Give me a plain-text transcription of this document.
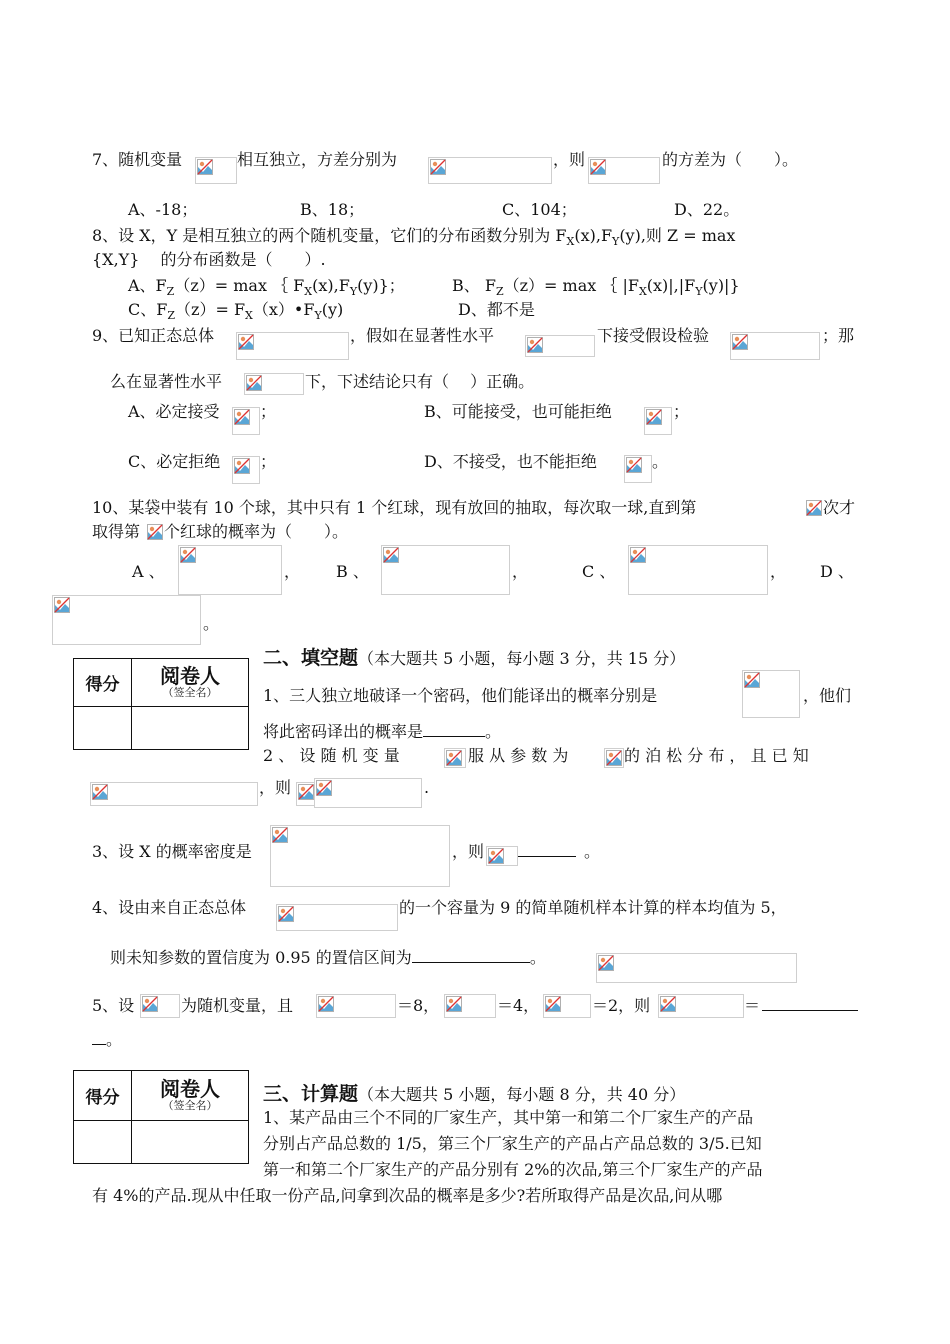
7、随机变量	相互独立，方差分别为	，则	的方差为（　　）。
A、-18；	B、18；	C、104；	D、22。
8、设 X，Y 是相互独立的两个随机变量，它们的分布函数分别为 $F_X(x),F_Y(y)$,则 Z = max
{X,Y}　 的分布函数是（　　）.
A、$F_Z(z)= \max$ ｛ $F_X(x),F_Y(y)$}；	B、 $F_Z(z)= \max$ ｛ $|F_X(x)|,|F_Y(y)|$}
C、$F_Z(z)=$ $F_X(x)•F_Y(y)$	D、都不是
9、已知正态总体	，假如在显著性水平	下接受假设检验	；那
么在显著性水平	下，下述结论只有（　 ）正确。
A、必定接受	；	B、可能接受，也可能拒绝	；
C、必定拒绝 ；	D、不接受，也不能拒绝	。
10、某袋中装有 10 个球，其中只有 1 个红球，现有放回的抽取，每次取一球,直到第	次才
取得第 个红球的概率为（　　）。
A 、	， B 、	，	C 、	， D 、
。
得分	阅卷人
（签全名）

二、填空题（本大题共 5 小题，每小题 3 分，共 15 分）
1、三人独立地破译一个密码，他们能译出的概率分别是	，他们
将此密码译出的概率是	。
2 、 设 随 机 变 量	服 从 参 数 为	的 泊 松 分 布 ， 且 已 知
，则	.
3、设 X 的概率密度是	，则	。
4、设由来自正态总体	的一个容量为 9 的简单随机样本计算的样本均值为 5，
则未知参数的置信度为 0.95 的置信区间为	。
5、设	为随机变量，且	＝8，	＝4，	＝2，则	＝
。
得分	阅卷人
（签全名）

三、计算题（本大题共 5 小题，每小题 8 分，共 40 分）
1、某产品由三个不同的厂家生产，其中第一和第二个厂家生产的产品
分别占产品总数的 1/5，第三个厂家生产的产品占产品总数的 3/5.已知
第一和第二个厂家生产的产品分别有 2%的次品,第三个厂家生产的产品
有 4%的产品.现从中任取一份产品,问拿到次品的概率是多少?若所取得产品是次品,问从哪
